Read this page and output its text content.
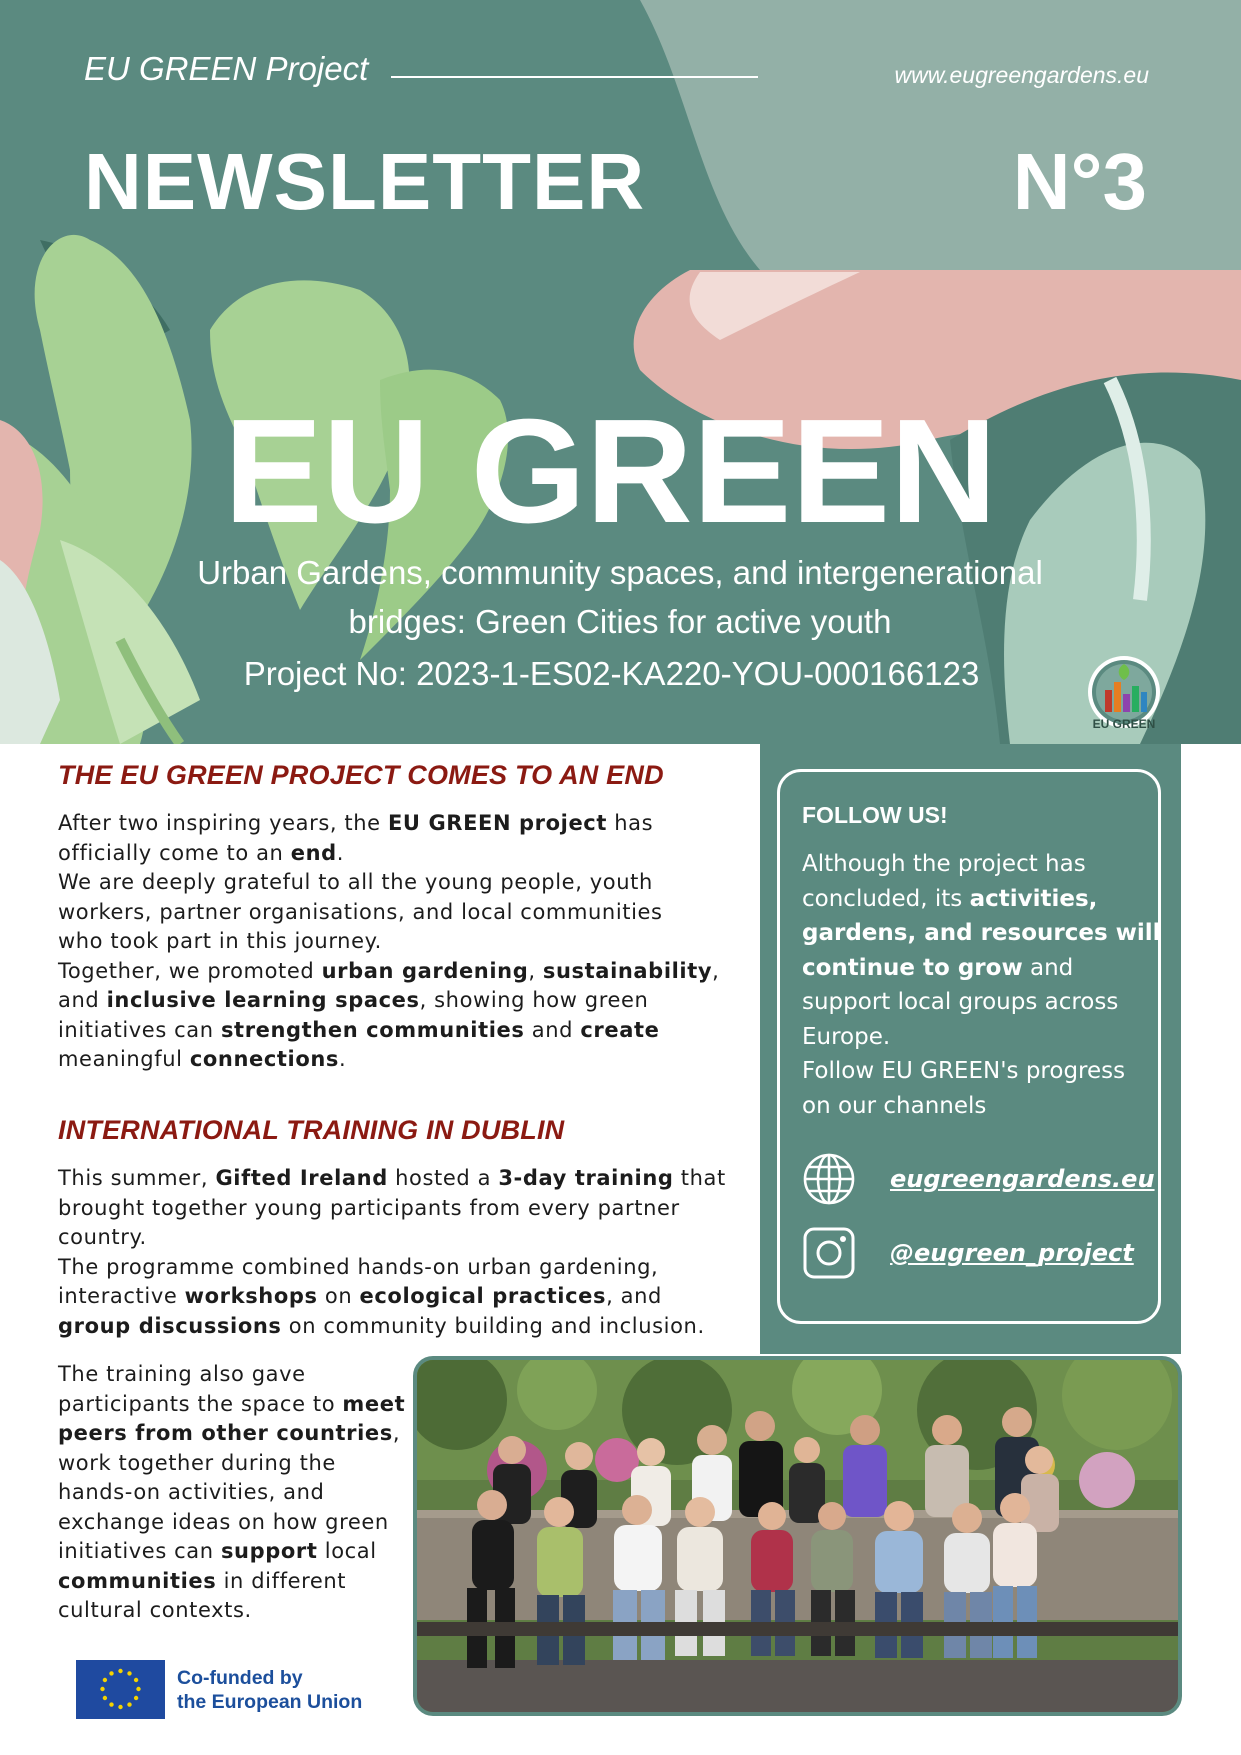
EU GREEN Project	www.eugreengardens.eu
NEWSLETTER	N°3
EU GREEN
Urban Gardens, community spaces, and intergenerational
bridges: Green Cities for active youth
Project No: 2023-1-ES02-KA220-YOU-000166123
EU GREEN
THE EU GREEN PROJECT COMES TO AN END
After two inspiring years, the EU GREEN project has
officially come to an end.
We are deeply grateful to all the young people, youth
workers, partner organisations, and local communities
who took part in this journey.
Together, we promoted urban gardening, sustainability,
and inclusive learning spaces, showing how green
initiatives can strengthen communities and create
meaningful connections.
INTERNATIONAL TRAINING IN DUBLIN
This summer, Gifted Ireland hosted a 3-day training that
brought together young participants from every partner
country.
The programme combined hands-on urban gardening,
interactive workshops on ecological practices, and
group discussions on community building and inclusion.
The training also gave
participants the space to meet
peers from other countries,
work together during the
hands-on activities, and
exchange ideas on how green
initiatives can support local
communities in different
cultural contexts.
FOLLOW US!
Although the project has
concluded, its activities,
gardens, and resources will
continue to grow and
support local groups across
Europe.
Follow EU GREEN's progress
on our channels
eugreengardens.eu
@eugreen_project
Co-funded by
the European Union
